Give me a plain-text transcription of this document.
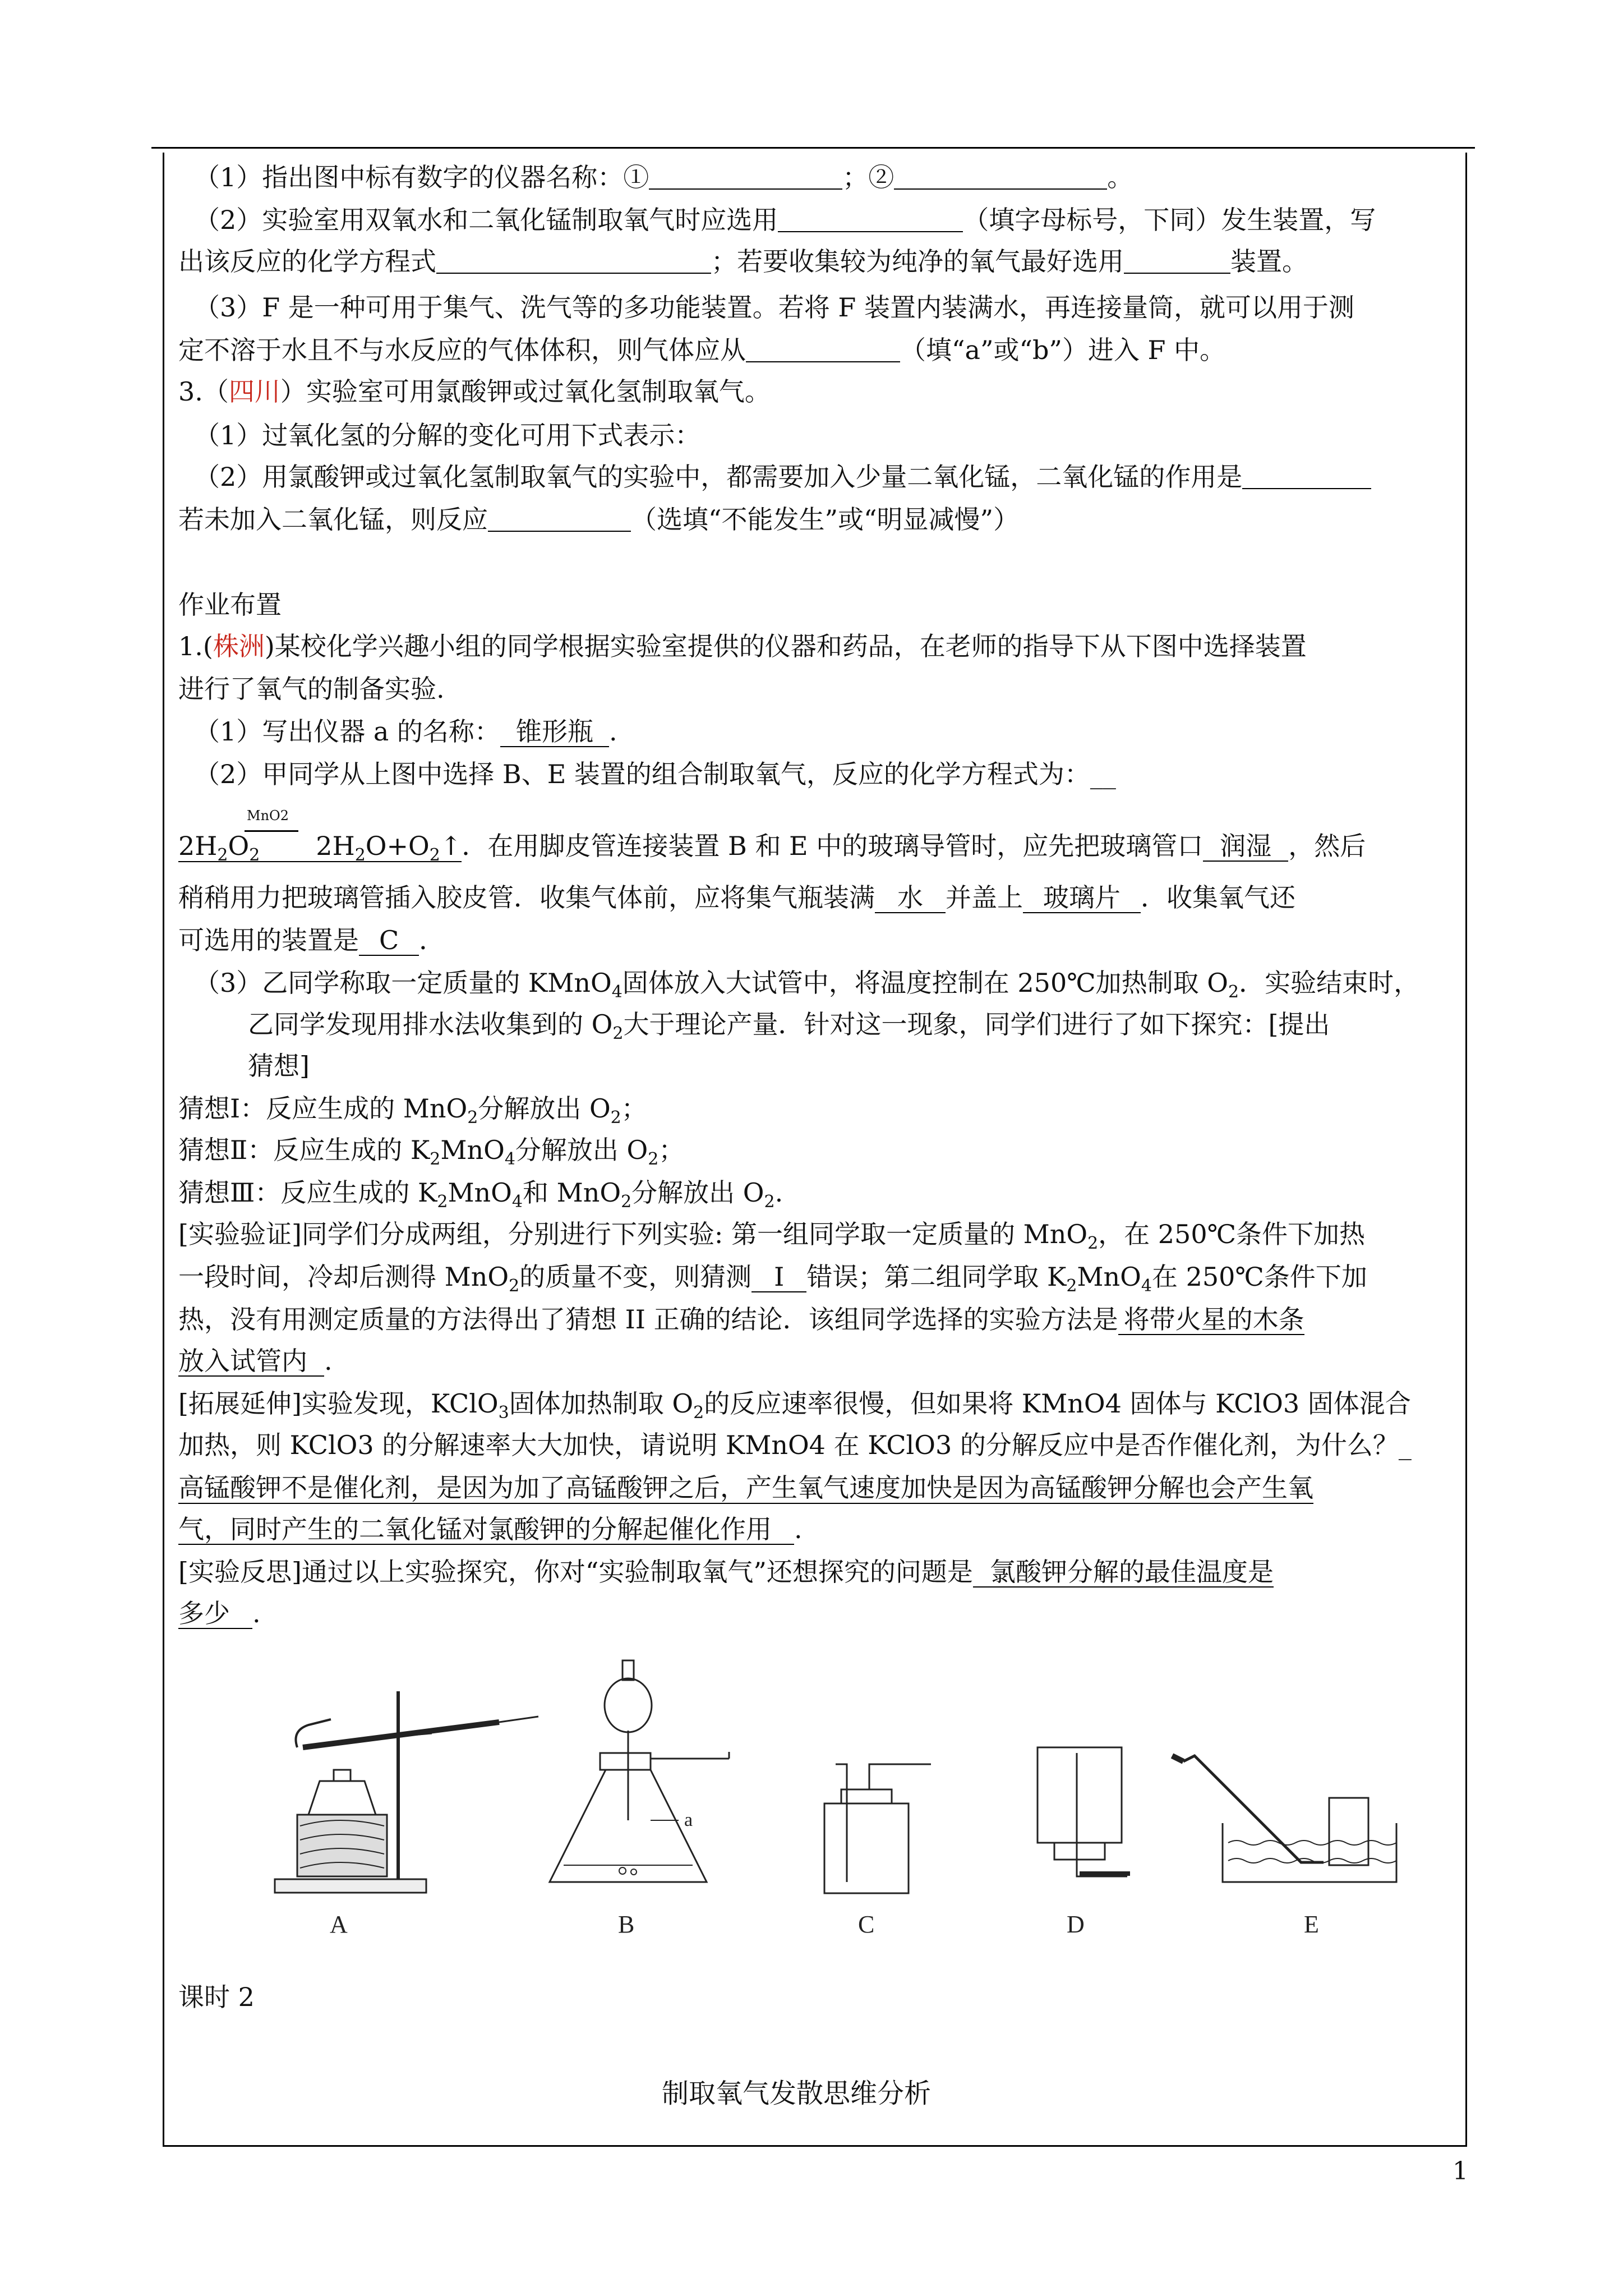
（1）指出图中标有数字的仪器名称：①	；②	。
（2）实验室用双氧水和二氧化锰制取氧气时应选用	（填字母标号，下同）发生装置，写
出该反应的化学方程式	；若要收集较为纯净的氧气最好选用	装置。
（3）F 是一种可用于集气、洗气等的多功能装置。若将 F 装置内装满水，再连接量筒，就可以用于测
定不溶于水且不与水反应的气体体积，则气体应从	（填“a”或“b”）进入 F 中。
3.（四川）实验室可用氯酸钾或过氧化氢制取氧气。
（1）过氧化氢的分解的变化可用下式表示：
（2）用氯酸钾或过氧化氢制取氧气的实验中，都需要加入少量二氧化锰，二氧化锰的作用是
若未加入二氧化锰，则反应	（选填“不能发生”或“明显减慢”）
作业布置
1.(株洲)某校化学兴趣小组的同学根据实验室提供的仪器和药品，在老师的指导下从下图中选择装置
进行了氧气的制备实验.
（1）写出仪器 a 的名称： 锥形瓶 .
（2）甲同学从上图中选择 B、E 装置的组合制取氧气，反应的化学方程式为：__
MnO2
$2H_2O_2$ $2H_2O+O_2↑$．在用脚皮管连接装置 B 和 E 中的玻璃导管时，应先把玻璃管口 润湿 ，然后
稍稍用力把玻璃管插入胶皮管．收集气体前，应将集气瓶装满 水 并盖上 玻璃片 ．收集氧气还
可选用的装置是 C ．
（3）乙同学称取一定质量的 KMnO$_4$固体放入大试管中，将温度控制在 250℃加热制取 $O_2$．实验结束时，
乙同学发现用排水法收集到的 $O_2$大于理论产量．针对这一现象，同学们进行了如下探究：[提出
猜想]
猜想Ⅰ：反应生成的 MnO$_2$分解放出 $O_2$；
猜想Ⅱ：反应生成的 $K_2MnO_4$分解放出 $O_2$；
猜想Ⅲ：反应生成的 $K_2MnO_4$和 MnO$_2$分解放出 $O_2$.
[实验验证]同学们分成两组，分别进行下列实验: 第一组同学取一定质量的 MnO$_2$，在 250℃条件下加热
一段时间，冷却后测得 MnO$_2$的质量不变，则猜测 I 错误；第二组同学取 $K_2MnO_4$在 250℃条件下加
热，没有用测定质量的方法得出了猜想 II 正确的结论．该组同学选择的实验方法是 将带火星的木条
放入试管内 .
[拓展延伸]实验发现，KClO$_3$固体加热制取 $O_2$的反应速率很慢，但如果将 KMnO4 固体与 KClO3 固体混合
加热，则 KClO3 的分解速率大大加快，请说明 KMnO4 在 KClO3 的分解反应中是否作催化剂，为什么？_
高锰酸钾不是催化剂，是因为加了高锰酸钾之后，产生氧气速度加快是因为高锰酸钾分解也会产生氧
气，同时产生的二氧化锰对氯酸钾的分解起催化作用 .
[实验反思]通过以上实验探究，你对“实验制取氧气”还想探究的问题是 氯酸钾分解的最佳温度是
多少 .
A	B	C	D	E
a
课时 2
制取氧气发散思维分析
1
